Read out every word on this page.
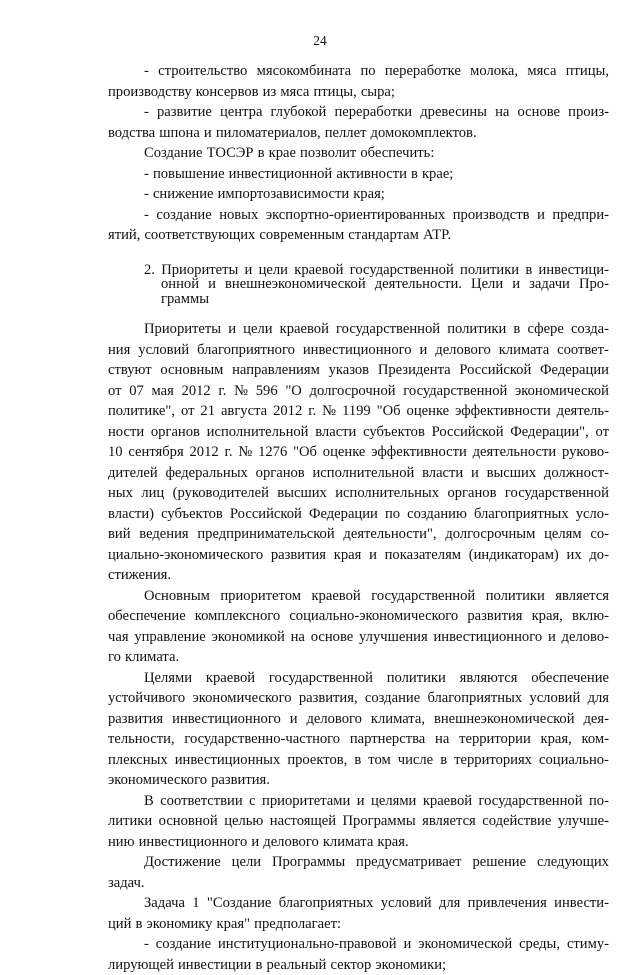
24
- строительство мясокомбината по переработке молока, мяса птицы,
производству консервов из мяса птицы, сыра;
- развитие центра глубокой переработки древесины на основе произ-
водства шпона и пиломатериалов, пеллет домокомплектов.
Создание ТОСЭР в крае позволит обеспечить:
- повышение инвестиционной активности в крае;
- снижение импортозависимости края;
- создание новых экспортно-ориентированных производств и предпри-
ятий, соответствующих современным стандартам АТР.
2. Приоритеты и цели краевой государственной политики в инвестици-
онной и внешнеэкономической деятельности. Цели и задачи Про-
граммы
Приоритеты и цели краевой государственной политики в сфере созда-
ния условий благоприятного инвестиционного и делового климата соответ-
ствуют основным направлениям указов Президента Российской Федерации
от 07 мая 2012 г. № 596 "О долгосрочной государственной экономической
политике", от 21 августа 2012 г. № 1199 "Об оценке эффективности деятель-
ности органов исполнительной власти субъектов Российской Федерации", от
10 сентября 2012 г. № 1276 "Об оценке эффективности деятельности руково-
дителей федеральных органов исполнительной власти и высших должност-
ных лиц (руководителей высших исполнительных органов государственной
власти) субъектов Российской Федерации по созданию благоприятных усло-
вий ведения предпринимательской деятельности", долгосрочным целям со-
циально-экономического развития края и показателям (индикаторам) их до-
стижения.
Основным приоритетом краевой государственной политики является
обеспечение комплексного социально-экономического развития края, вклю-
чая управление экономикой на основе улучшения инвестиционного и делово-
го климата.
Целями краевой государственной политики являются обеспечение
устойчивого экономического развития, создание благоприятных условий для
развития инвестиционного и делового климата, внешнеэкономической дея-
тельности, государственно-частного партнерства на территории края, ком-
плексных инвестиционных проектов, в том числе в территориях социально-
экономического развития.
В соответствии с приоритетами и целями краевой государственной по-
литики основной целью настоящей Программы является содействие улучше-
нию инвестиционного и делового климата края.
Достижение цели Программы предусматривает решение следующих
задач.
Задача 1 "Создание благоприятных условий для привлечения инвести-
ций в экономику края" предполагает:
- создание институционально-правовой и экономической среды, стиму-
лирующей инвестиции в реальный сектор экономики;
